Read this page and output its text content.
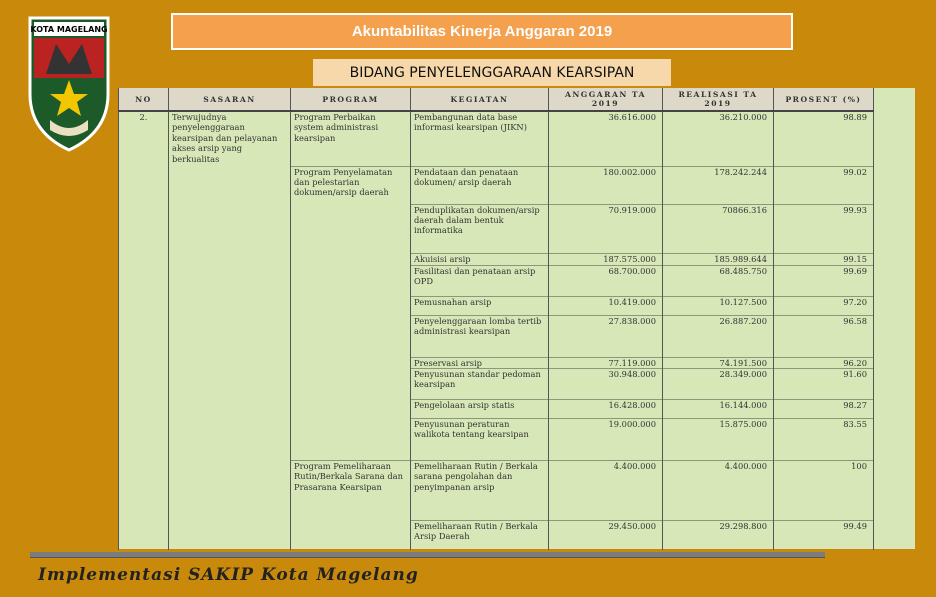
KOTA MAGELANG	Akuntabilitas Kinerja Anggaran 2019
BIDANG PENYELENGGARAAN KEARSIPAN
NO	SASARAN	PROGRAM	KEGIATAN	ANGGARAN TA 2019	REALISASI TA 2019	PROSENT (%)
2.	Terwujudnya penyelenggaraan kearsipan dan pelayanan akses arsip yang berkualitas	Program Perbaikan system administrasi kearsipan	Pembangunan data base informasi kearsipan (JIKN)	36.616.000	36.210.000	98.89
		Program Penyelamatan dan pelestarian dokumen/arsip daerah	Pendataan dan penataan dokumen/ arsip daerah	180.002.000	178.242.244	99.02
			Penduplikatan dokumen/arsip daerah dalam bentuk informatika	70.919.000	70866.316	99.93
			Akuisisi arsip	187.575.000	185.989.644	99.15
			Fasilitasi dan penataan arsip OPD	68.700.000	68.485.750	99.69
			Pemusnahan arsip	10.419.000	10.127.500	97.20
			Penyelenggaraan lomba tertib administrasi kearsipan	27.838.000	26.887.200	96.58
			Preservasi arsip	77.119.000	74.191.500	96.20
			Penyusunan standar pedoman kearsipan	30.948.000	28.349.000	91.60
			Pengelolaan arsip statis	16.428.000	16.144.000	98.27
			Penyusunan peraturan walikota tentang kearsipan	19.000.000	15.875.000	83.55
		Program Pemeliharaan Rutin/Berkala Sarana dan Prasarana Kearsipan	Pemeliharaan Rutin / Berkala sarana pengolahan dan penyimpanan arsip	4.400.000	4.400.000	100
			Pemeliharaan Rutin / Berkala Arsip Daerah	29.450.000	29.298.800	99.49
Implementasi SAKIP Kota Magelang
